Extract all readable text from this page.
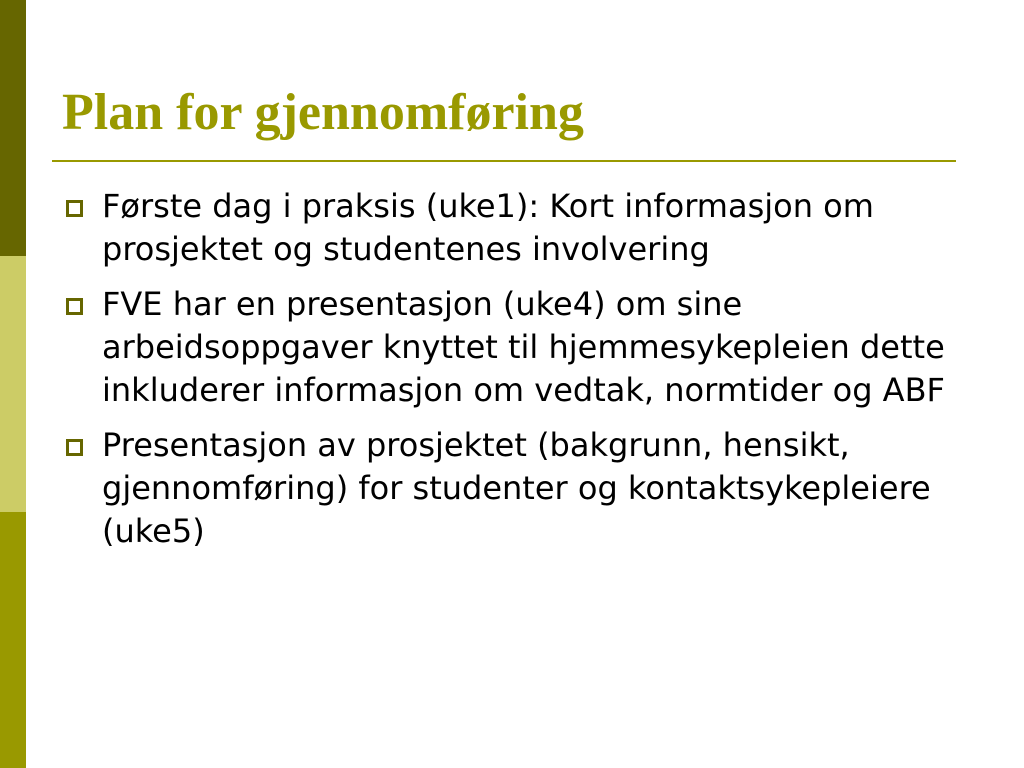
Plan for gjennomføring
Første dag i praksis (uke1): Kort informasjon om prosjektet og studentenes involvering
FVE har en presentasjon (uke4) om sine arbeidsoppgaver knyttet til hjemmesykepleien dette inkluderer informasjon om vedtak, normtider og ABF
Presentasjon av prosjektet (bakgrunn, hensikt, gjennomføring) for studenter og kontaktsykepleiere (uke5)
